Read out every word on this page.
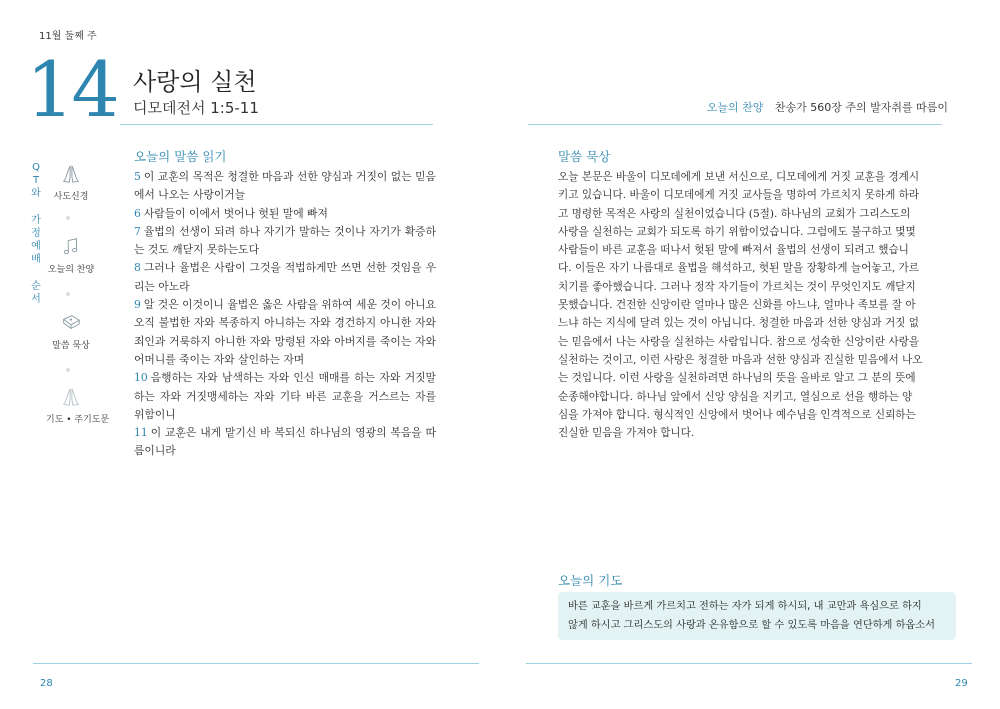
11월 둘째 주
14 사랑의 실천
디모데전서 1:5-11	오늘의 찬양 찬송가 560장 주의 발자취를 따름이
Q
T
와
가
정
예
배
순
서
사도신경
오늘의 찬양
말씀 묵상
기도 • 주기도문
오늘의 말씀 읽기
5 이 교훈의 목적은 청결한 마음과 선한 양심과 거짓이 없는 믿음에서 나오는 사랑이거늘
6 사람들이 이에서 벗어나 헛된 말에 빠져
7 율법의 선생이 되려 하나 자기가 말하는 것이나 자기가 확증하는 것도 깨닫지 못하는도다
8 그러나 율법은 사람이 그것을 적법하게만 쓰면 선한 것임을 우리는 아노라
9 알 것은 이것이니 율법은 옳은 사람을 위하여 세운 것이 아니요 오직 불법한 자와 복종하지 아니하는 자와 경건하지 아니한 자와 죄인과 거룩하지 아니한 자와 망령된 자와 아버지를 죽이는 자와 어머니를 죽이는 자와 살인하는 자며
10 음행하는 자와 남색하는 자와 인신 매매를 하는 자와 거짓말하는 자와 거짓맹세하는 자와 기타 바른 교훈을 거스르는 자를 위함이니
11 이 교훈은 내게 맡기신 바 복되신 하나님의 영광의 복음을 따름이니라
말씀 묵상
오늘 본문은 바울이 디모데에게 보낸 서신으로, 디모데에게 거짓 교훈을 경계시
키고 있습니다. 바울이 디모데에게 거짓 교사들을 명하여 가르치지 못하게 하라
고 명령한 목적은 사랑의 실천이었습니다 (5절). 하나님의 교회가 그리스도의
사랑을 실천하는 교회가 되도록 하기 위함이었습니다. 그럼에도 불구하고 몇몇
사람들이 바른 교훈을 떠나서 헛된 말에 빠져서 율법의 선생이 되려고 했습니
다. 이들은 자기 나름대로 율법을 해석하고, 헛된 말을 장황하게 늘어놓고, 가르
치기를 좋아했습니다. 그러나 정작 자기들이 가르치는 것이 무엇인지도 깨닫지
못했습니다. 건전한 신앙이란 얼마나 많은 신화를 아느냐, 얼마나 족보를 잘 아
느냐 하는 지식에 달려 있는 것이 아닙니다. 청결한 마음과 선한 양심과 거짓 없
는 믿음에서 나는 사랑을 실천하는 사람입니다. 참으로 성숙한 신앙이란 사랑을
실천하는 것이고, 이런 사랑은 청결한 마음과 선한 양심과 진실한 믿음에서 나오
는 것입니다. 이런 사랑을 실천하려면 하나님의 뜻을 올바로 알고 그 분의 뜻에
순종해야합니다. 하나님 앞에서 신앙 양심을 지키고, 열심으로 선을 행하는 양
심을 가져야 합니다. 형식적인 신앙에서 벗어나 예수님을 인격적으로 신뢰하는
진실한 믿음을 가져야 합니다.
오늘의 기도
바른 교훈을 바르게 가르치고 전하는 자가 되게 하시되, 내 교만과 욕심으로 하지
않게 하시고 그리스도의 사랑과 온유함으로 할 수 있도록 마음을 연단하게 하옵소서
28	29
